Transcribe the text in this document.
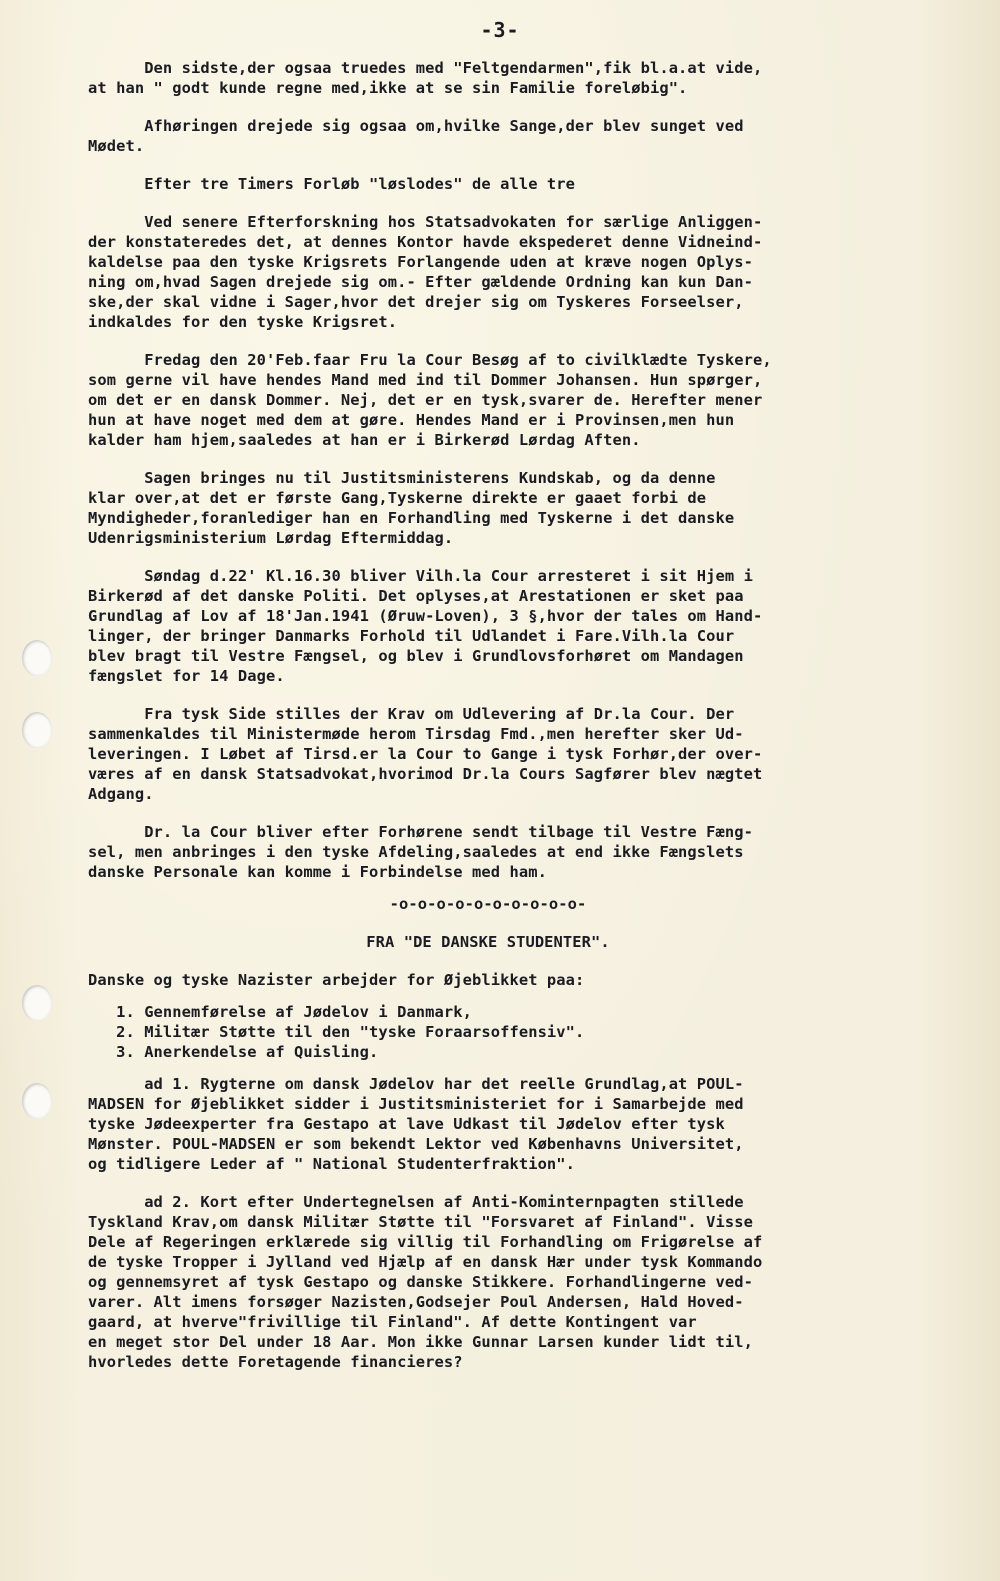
-3-
Den sidste,der ogsaa truedes med "Feltgendarmen",fik bl.a.at vide,
at han " godt kunde regne med,ikke at se sin Familie foreløbig".
Afhøringen drejede sig ogsaa om,hvilke Sange,der blev sunget ved
Mødet.
Efter tre Timers Forløb "løslodes" de alle tre
Ved senere Efterforskning hos Statsadvokaten for særlige Anliggen-
der konstateredes det, at dennes Kontor havde ekspederet denne Vidneind-
kaldelse paa den tyske Krigsrets Forlangende uden at kræve nogen Oplys-
ning om,hvad Sagen drejede sig om.- Efter gældende Ordning kan kun Dan-
ske,der skal vidne i Sager,hvor det drejer sig om Tyskeres Forseelser,
indkaldes for den tyske Krigsret.
Fredag den 20'Feb.faar Fru la Cour Besøg af to civilklædte Tyskere,
som gerne vil have hendes Mand med ind til Dommer Johansen. Hun spørger,
om det er en dansk Dommer. Nej, det er en tysk,svarer de. Herefter mener
hun at have noget med dem at gøre. Hendes Mand er i Provinsen,men hun
kalder ham hjem,saaledes at han er i Birkerød Lørdag Aften.
Sagen bringes nu til Justitsministerens Kundskab, og da denne
klar over,at det er første Gang,Tyskerne direkte er gaaet forbi de
Myndigheder,foranlediger han en Forhandling med Tyskerne i det danske
Udenrigsministerium Lørdag Eftermiddag.
Søndag d.22' Kl.16.30 bliver Vilh.la Cour arresteret i sit Hjem i
Birkerød af det danske Politi. Det oplyses,at Arestationen er sket paa
Grundlag af Lov af 18'Jan.1941 (Øruw-Loven), 3 §,hvor der tales om Hand-
linger, der bringer Danmarks Forhold til Udlandet i Fare.Vilh.la Cour
blev bragt til Vestre Fængsel, og blev i Grundlovsforhøret om Mandagen
fængslet for 14 Dage.
Fra tysk Side stilles der Krav om Udlevering af Dr.la Cour. Der
sammenkaldes til Ministermøde herom Tirsdag Fmd.,men herefter sker Ud-
leveringen. I Løbet af Tirsd.er la Cour to Gange i tysk Forhør,der over-
væres af en dansk Statsadvokat,hvorimod Dr.la Cours Sagfører blev nægtet
Adgang.
Dr. la Cour bliver efter Forhørene sendt tilbage til Vestre Fæng-
sel, men anbringes i den tyske Afdeling,saaledes at end ikke Fængslets
danske Personale kan komme i Forbindelse med ham.
-o-o-o-o-o-o-o-o-o-o-
FRA "DE DANSKE STUDENTER".
Danske og tyske Nazister arbejder for Øjeblikket paa:
1. Gennemførelse af Jødelov i Danmark,
2. Militær Støtte til den "tyske Foraarsoffensiv".
3. Anerkendelse af Quisling.
ad 1. Rygterne om dansk Jødelov har det reelle Grundlag,at POUL-
MADSEN for Øjeblikket sidder i Justitsministeriet for i Samarbejde med
tyske Jødeexperter fra Gestapo at lave Udkast til Jødelov efter tysk
Mønster. POUL-MADSEN er som bekendt Lektor ved Københavns Universitet,
og tidligere Leder af " National Studenterfraktion".
ad 2. Kort efter Undertegnelsen af Anti-Kominternpagten stillede
Tyskland Krav,om dansk Militær Støtte til "Forsvaret af Finland". Visse
Dele af Regeringen erklærede sig villig til Forhandling om Frigørelse af
de tyske Tropper i Jylland ved Hjælp af en dansk Hær under tysk Kommando
og gennemsyret af tysk Gestapo og danske Stikkere. Forhandlingerne ved-
varer. Alt imens forsøger Nazisten,Godsejer Poul Andersen, Hald Hoved-
gaard, at hverve"frivillige til Finland". Af dette Kontingent var
en meget stor Del under 18 Aar. Mon ikke Gunnar Larsen kunder lidt til,
hvorledes dette Foretagende financieres?
